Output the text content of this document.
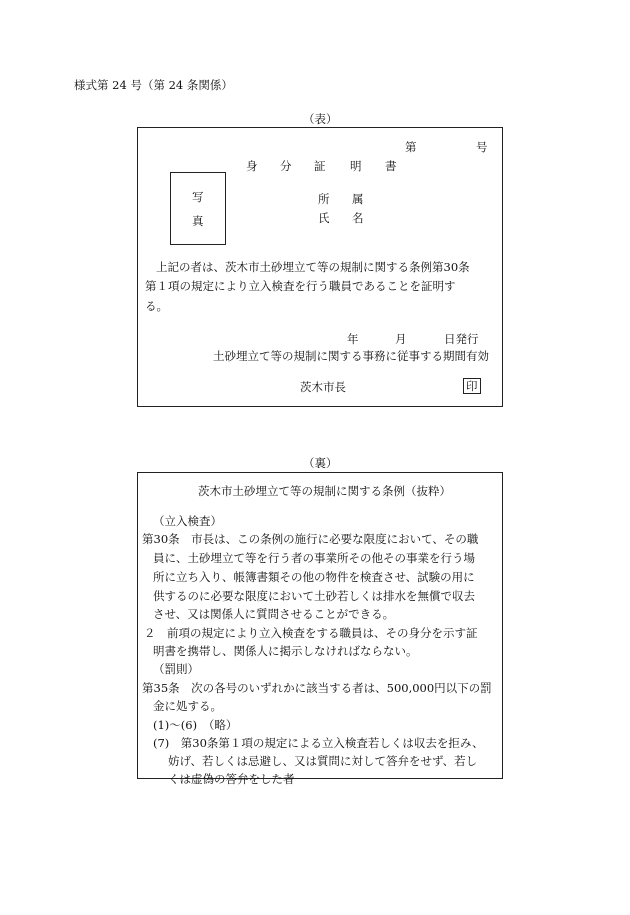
様式第 24 号（第 24 条関係）
（表）
第	号
身 分 証 明 書
写
真
所 属
氏 名
上記の者は、茨木市土砂埋立て等の規制に関する条例第30条
第１項の規定により立入検査を行う職員であることを証明す
る。
年	月	日発行
土砂埋立て等の規制に関する事務に従事する期間有効
茨木市長	印
（裏）
茨木市土砂埋立て等の規制に関する条例（抜粋）
（立入検査）
第30条　市長は、この条例の施行に必要な限度において、その職
員に、土砂埋立て等を行う者の事業所その他その事業を行う場
所に立ち入り、帳簿書類その他の物件を検査させ、試験の用に
供するのに必要な限度において土砂若しくは排水を無償で収去
させ、又は関係人に質問させることができる。
２　前項の規定により立入検査をする職員は、その身分を示す証
明書を携帯し、関係人に掲示しなければならない。
（罰則）
第35条　次の各号のいずれかに該当する者は、500,000円以下の罰
金に処する。
(1)～(6)　（略）
(7)　第30条第１項の規定による立入検査若しくは収去を拒み、
妨げ、若しくは忌避し、又は質問に対して答弁をせず、若し
くは虚偽の答弁をした者
